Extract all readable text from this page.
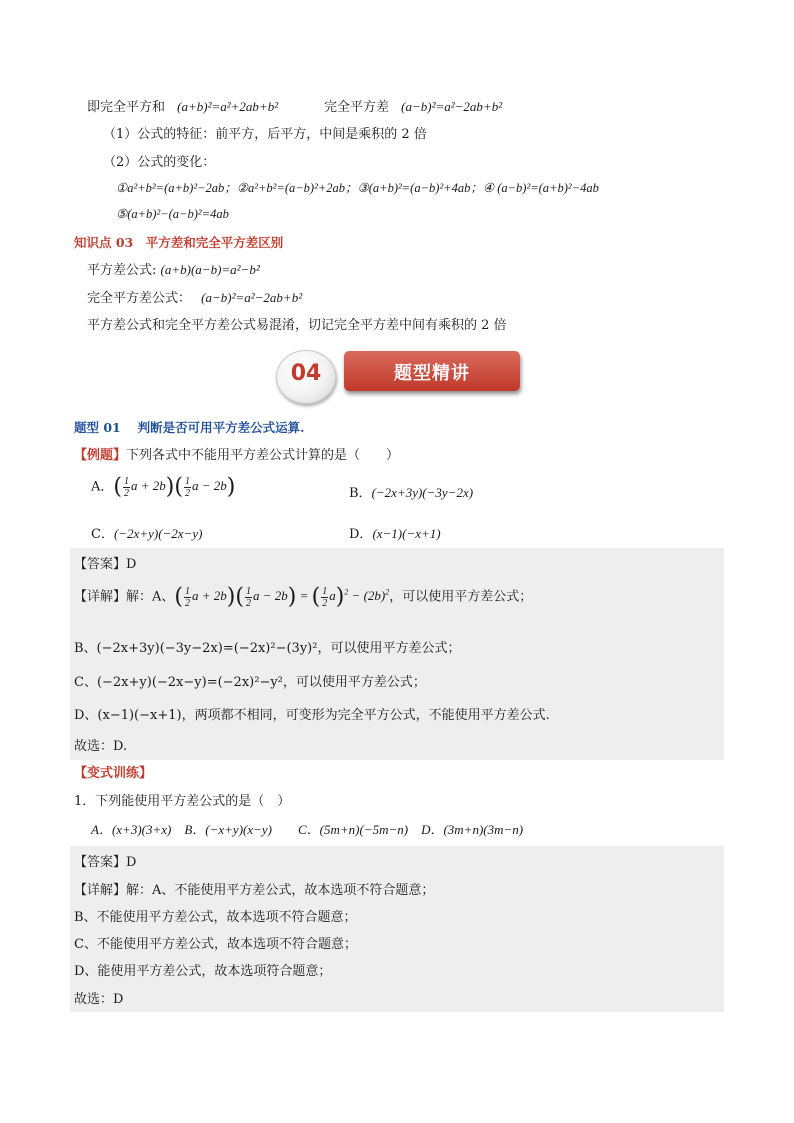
即完全平方和 (a+b)²=a²+2ab+b²	完全平方差 (a−b)²=a²−2ab+b²
（1）公式的特征：前平方，后平方，中间是乘积的 2 倍
（2）公式的变化：
①a²+b²=(a+b)²−2ab；②a²+b²=(a−b)²+2ab；③(a+b)²=(a−b)²+4ab；④ (a−b)²=(a+b)²−4ab
⑤(a+b)²−(a−b)²=4ab
知识点 03　平方差和完全平方差区别
平方差公式: (a+b)(a−b)=a²−b²
完全平方差公式： (a−b)²=a²−2ab+b²
平方差公式和完全平方差公式易混淆，切记完全平方差中间有乘积的 2 倍
04	题型精讲
题型 01　 判断是否可用平方差公式运算.
【例题】下列各式中不能用平方差公式计算的是（　　）
A．( $\frac{1}{2}$ $a + 2b)( \frac{1}{2}$ a − 2b)	B．(−2x+3y)(−3y−2x)
C．(−2x+y)(−2x−y)	D．(x−1)(−x+1)
【答案】D
【详解】解：A、( $\frac{1}{2}$ $a + 2b)( \frac{1}{2}$ a − 2b) = ( $\frac{1}{2} a)^2 - (2b)^2$，可以使用平方差公式；
B、(−2x+3y)(−3y−2x)=(−2x)²−(3y)²，可以使用平方差公式；
C、(−2x+y)(−2x−y)=(−2x)²−y²，可以使用平方差公式；
D、(x−1)(−x+1)，两项都不相同，可变形为完全平方公式，不能使用平方差公式.
故选：D.
【变式训练】
1．下列能使用平方差公式的是（　）
A．(x+3)(3+x)　B．(−x+y)(x−y)　　C．(5m+n)(−5m−n)　D．(3m+n)(3m−n)
【答案】D
【详解】解：A、不能使用平方差公式，故本选项不符合题意；
B、不能使用平方差公式，故本选项不符合题意；
C、不能使用平方差公式，故本选项不符合题意；
D、能使用平方差公式，故本选项符合题意；
故选：D
